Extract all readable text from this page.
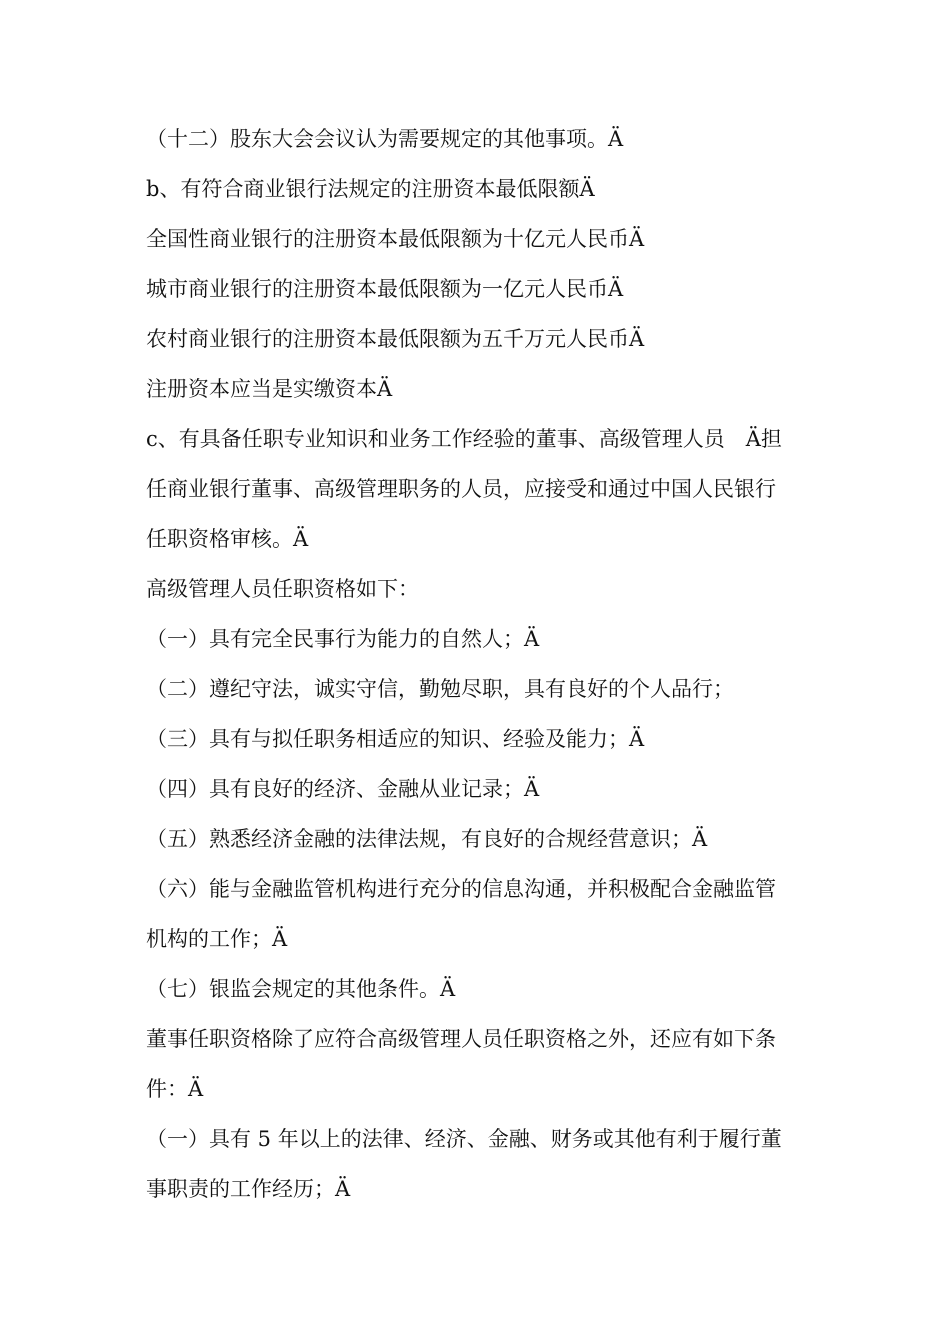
（十二）股东大会会议认为需要规定的其他事项。Ä
b、有符合商业银行法规定的注册资本最低限额Ä
全国性商业银行的注册资本最低限额为十亿元人民币Ä
城市商业银行的注册资本最低限额为一亿元人民币Ä
农村商业银行的注册资本最低限额为五千万元人民币Ä
注册资本应当是实缴资本Ä
c、有具备任职专业知识和业务工作经验的董事、高级管理人员　Ä担
任商业银行董事、高级管理职务的人员，应接受和通过中国人民银行
任职资格审核。Ä
高级管理人员任职资格如下：
（一）具有完全民事行为能力的自然人；Ä
（二）遵纪守法，诚实守信，勤勉尽职，具有良好的个人品行；
（三）具有与拟任职务相适应的知识、经验及能力；Ä
（四）具有良好的经济、金融从业记录；Ä
（五）熟悉经济金融的法律法规，有良好的合规经营意识；Ä
（六）能与金融监管机构进行充分的信息沟通，并积极配合金融监管
机构的工作；Ä
（七）银监会规定的其他条件。Ä
董事任职资格除了应符合高级管理人员任职资格之外，还应有如下条
件：Ä
（一）具有 5 年以上的法律、经济、金融、财务或其他有利于履行董
事职责的工作经历；Ä
